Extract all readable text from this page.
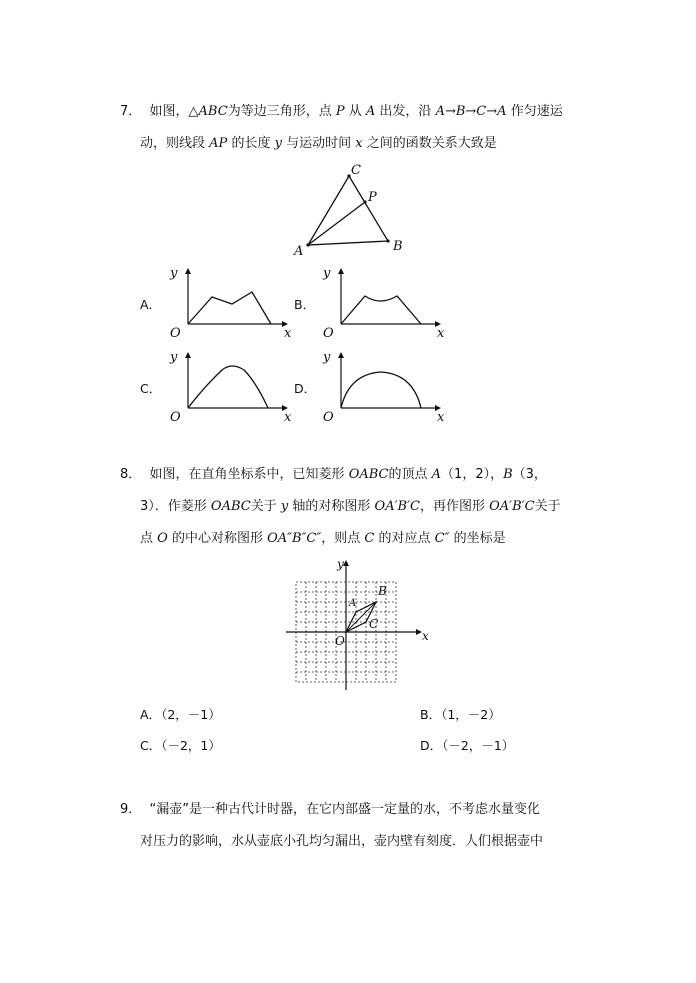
7． 如图，△ABC为等边三角形，点 P 从 A 出发，沿 A→B→C→A 作匀速运
动，则线段 AP 的长度 y 与运动时间 x 之间的函数关系大致是
A
C
B
P
A．
y
O	x
B．
y
O	x
C．
y
O	x
D．
y
O	x
8． 如图，在直角坐标系中，已知菱形 OABC的顶点 A（1，2），B（3，
3）．作菱形 OABC关于 y 轴的对称图形 OA′B′C，再作图形 OA′B′C关于
点 O 的中心对称图形 OA″B″C″，则点 C 的对应点 C″ 的坐标是
y
x
O
A
B
C
A．（2，－1）	B．（1，－2）
C．（－2，1）	D．（－2，－1）
9． “漏壶”是一种古代计时器，在它内部盛一定量的水，不考虑水量变化
对压力的影响，水从壶底小孔均匀漏出，壶内壁有刻度．人们根据壶中
